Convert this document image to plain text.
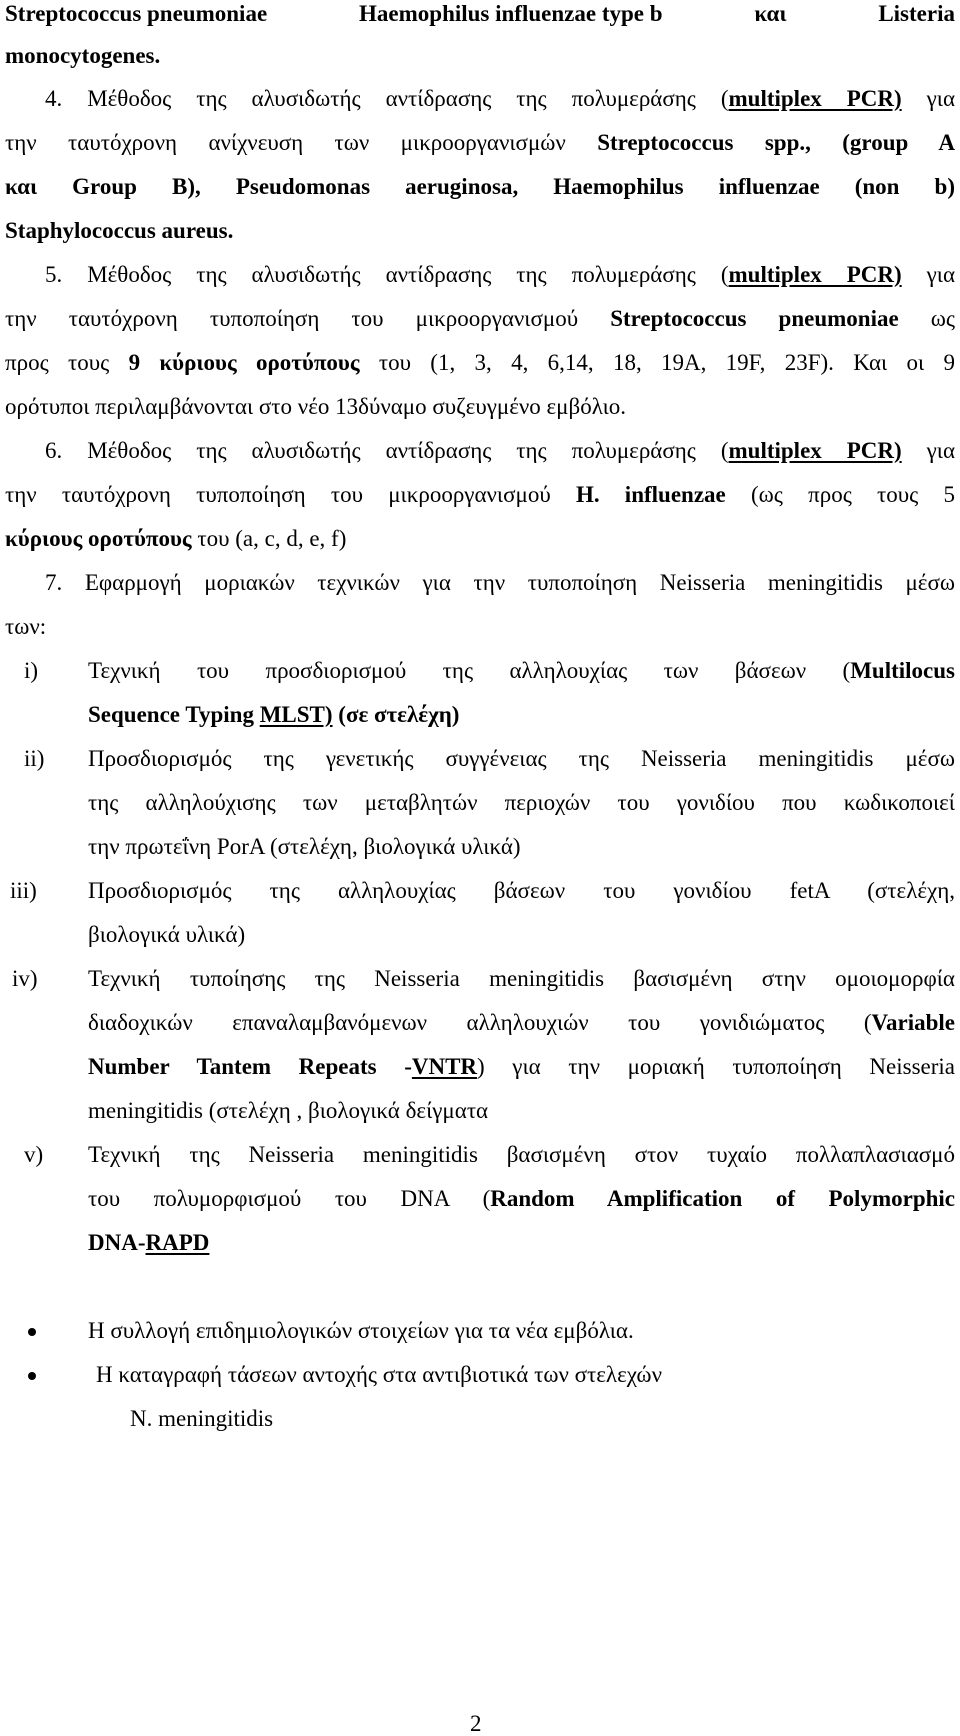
Streptococcus pneumoniae	Haemophilus influenzae type b	και	Listeria
monocytogenes.
4. Μέθοδος της αλυσιδωτής αντίδρασης της πολυμεράσης (multiplex PCR) για
την ταυτόχρονη ανίχνευση των μικροοργανισμών Streptococcus spp., (group A
και Group B), Pseudomonas aeruginosa, Haemophilus influenzae (non b)
Staphylococcus aureus.
5. Μέθοδος της αλυσιδωτής αντίδρασης της πολυμεράσης (multiplex PCR) για
την ταυτόχρονη τυποποίηση του μικροοργανισμού Streptococcus pneumoniae ως
προς τους 9 κύριους οροτύπους του (1, 3, 4, 6,14, 18, 19A, 19F, 23F). Και οι 9
ορότυποι περιλαμβάνονται στο νέο 13δύναμο συζευγμένο εμβόλιο.
6. Μέθοδος της αλυσιδωτής αντίδρασης της πολυμεράσης (multiplex PCR) για
την ταυτόχρονη τυποποίηση του μικροοργανισμού H. influenzae (ως προς τους 5
κύριους οροτύπους του (a, c, d, e, f)
7. Εφαρμογή μοριακών τεχνικών για την τυποποίηση Neisseria meningitidis μέσω
των:
i) Τεχνική του προσδιορισμού της αλληλουχίας των βάσεων (Multilocus
Sequence Typing MLST) (σε στελέχη)
ii) Προσδιορισμός της γενετικής συγγένειας της Neisseria meningitidis μέσω
της αλληλούχισης των μεταβλητών περιοχών του γονιδίου που κωδικοποιεί
την πρωτεΐνη PorA (στελέχη, βιολογικά υλικά)
iii) Προσδιορισμός της αλληλουχίας βάσεων του γονιδίου fetA (στελέχη,
βιολογικά υλικά)
iv) Τεχνική τυποίησης της Neisseria meningitidis βασισμένη στην ομοιομορφία
διαδοχικών επαναλαμβανόμενων αλληλουχιών του γονιδιώματος (Variable
Number Tantem Repeats -VNTR) για την μοριακή τυποποίηση Neisseria
meningitidis (στελέχη , βιολογικά δείγματα
v) Τεχνική της Neisseria meningitidis βασισμένη στον τυχαίο πολλαπλασιασμό
του πολυμορφισμού του DNA (Random Amplification of Polymorphic
DNA-RAPD
Η συλλογή επιδημιολογικών στοιχείων για τα νέα εμβόλια.
Η καταγραφή τάσεων αντοχής στα αντιβιοτικά των στελεχών
N. meningitidis
2
